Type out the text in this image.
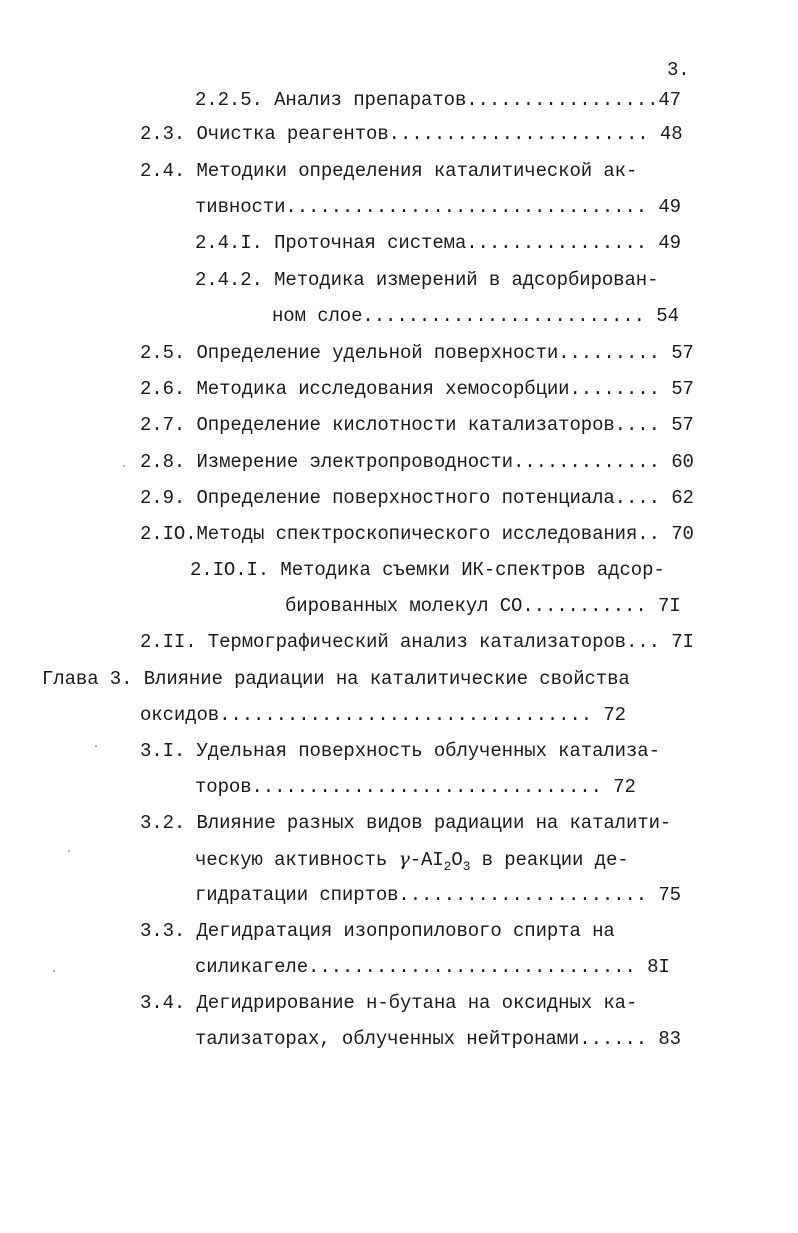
3.
2.2.5. Анализ препаратов.................47
2.3. Очистка реагентов....................... 48
2.4. Методики определения каталитической ак-
тивности................................ 49
2.4.I. Проточная система................ 49
2.4.2. Методика измерений в адсорбирован-
ном слое......................... 54
2.5. Определение удельной поверхности......... 57
2.6. Методика исследования хемосорбции........ 57
2.7. Определение кислотности катализаторов.... 57
2.8. Измерение электропроводности............. 60
2.9. Определение поверхностного потенциала.... 62
2.IO.Методы спектроскопического исследования.. 70
2.IO.I. Методика съемки ИК-спектров адсор-
бированных молекул СО........... 7I
2.II. Термографический анализ катализаторов... 7I
Глава 3. Влияние радиации на каталитические свойства
оксидов................................. 72
3.I. Удельная поверхность облученных катализа-
торов............................... 72
3.2. Влияние разных видов радиации на каталити-
ческую активность $\gamma-AI_2O_3$ в реакции де-
гидратации спиртов...................... 75
3.3. Дегидратация изопропилового спирта на
силикагеле............................. 8I
3.4. Дегидрирование н-бутана на оксидных ка-
тализаторах, облученных нейтронами...... 83
